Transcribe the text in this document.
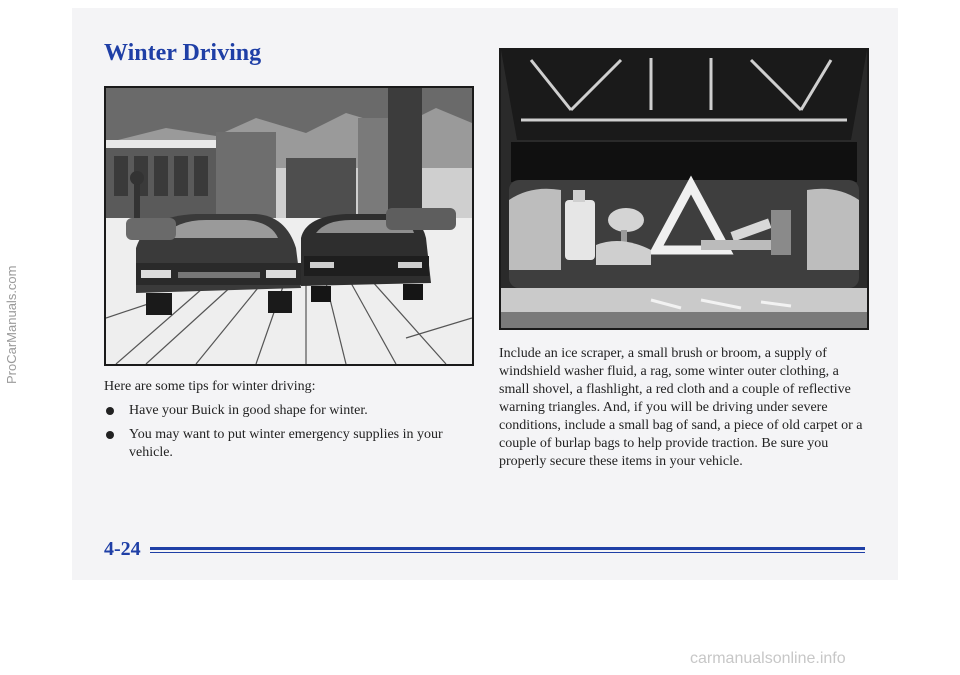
Winter Driving

Here are some tips for winter driving:

Have your Buick in good shape for winter.
You may want to put winter emergency supplies in your vehicle.

Include an ice scraper, a small brush or broom, a supply of windshield washer fluid, a rag, some winter outer clothing, a small shovel, a flashlight, a red cloth and a couple of reflective warning triangles. And, if you will be driving under severe conditions, include a small bag of sand, a piece of old carpet or a couple of burlap bags to help provide traction. Be sure you properly secure these items in your vehicle.

4-24

ProCarManuals.com
carmanualsonline.info
